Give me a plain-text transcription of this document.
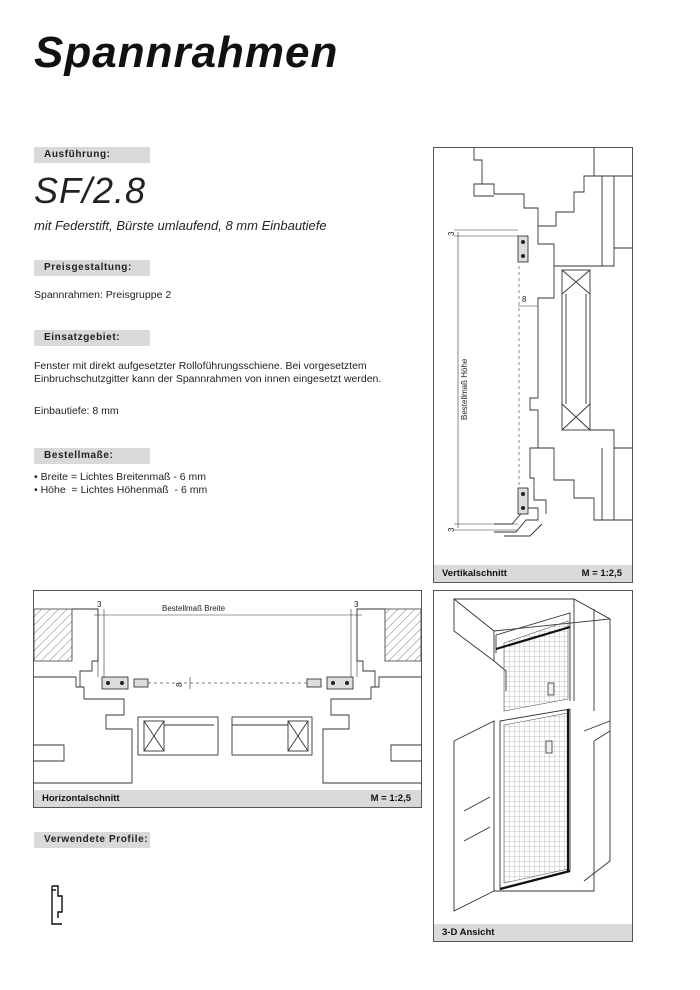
Spannrahmen
Ausführung:
SF/2.8
mit Federstift, Bürste umlaufend, 8 mm Einbautiefe
Preisgestaltung:
Spannrahmen: Preisgruppe 2
Einsatzgebiet:
Fenster mit direkt aufgesetzter Rolloführungsschiene. Bei vorgesetztem
Einbruchschutzgitter kann der Spannrahmen von innen eingesetzt werden.
Einbautiefe: 8 mm
Bestellmaße:
• Breite = Lichtes Breitenmaß - 6 mm
• Höhe  = Lichtes Höhenmaß  - 6 mm
3
3
Bestellmaß Höhe
8
Vertikalschnitt	M = 1:2,5
3	3
Bestellmaß Breite
8
Horizontalschnitt	M = 1:2,5
3-D Ansicht
Verwendete Profile:
